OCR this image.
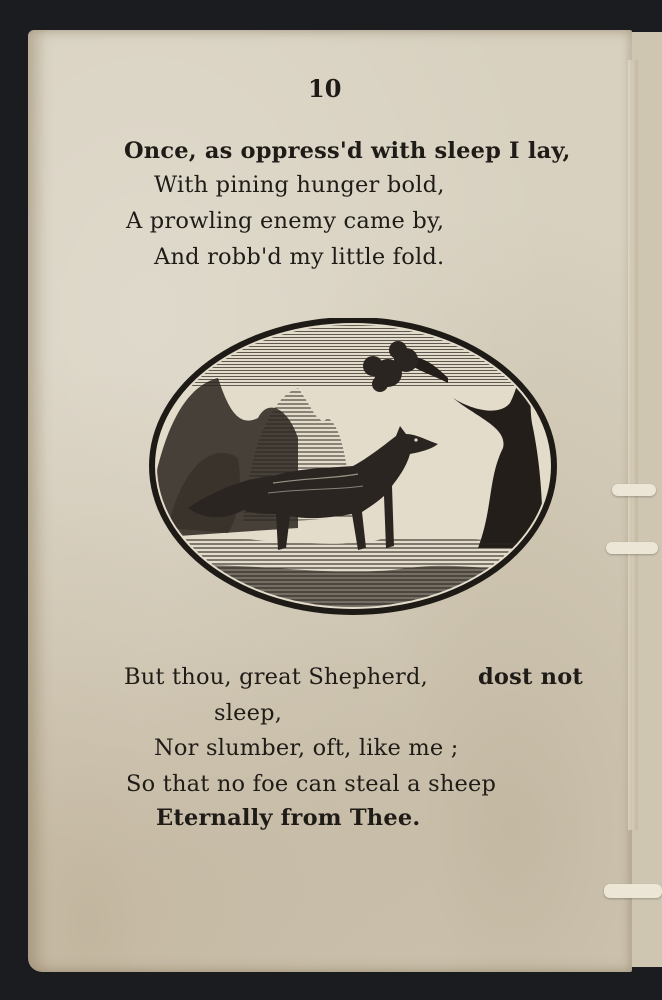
10
Once, as oppress'd with sleep I lay,
With pining hunger bold,
A prowling enemy came by,
And robb'd my little fold.
But thou, great Shepherd, dost not
sleep,
Nor slumber, oft, like me ;
So that no foe can steal a sheep
Eternally from Thee.
